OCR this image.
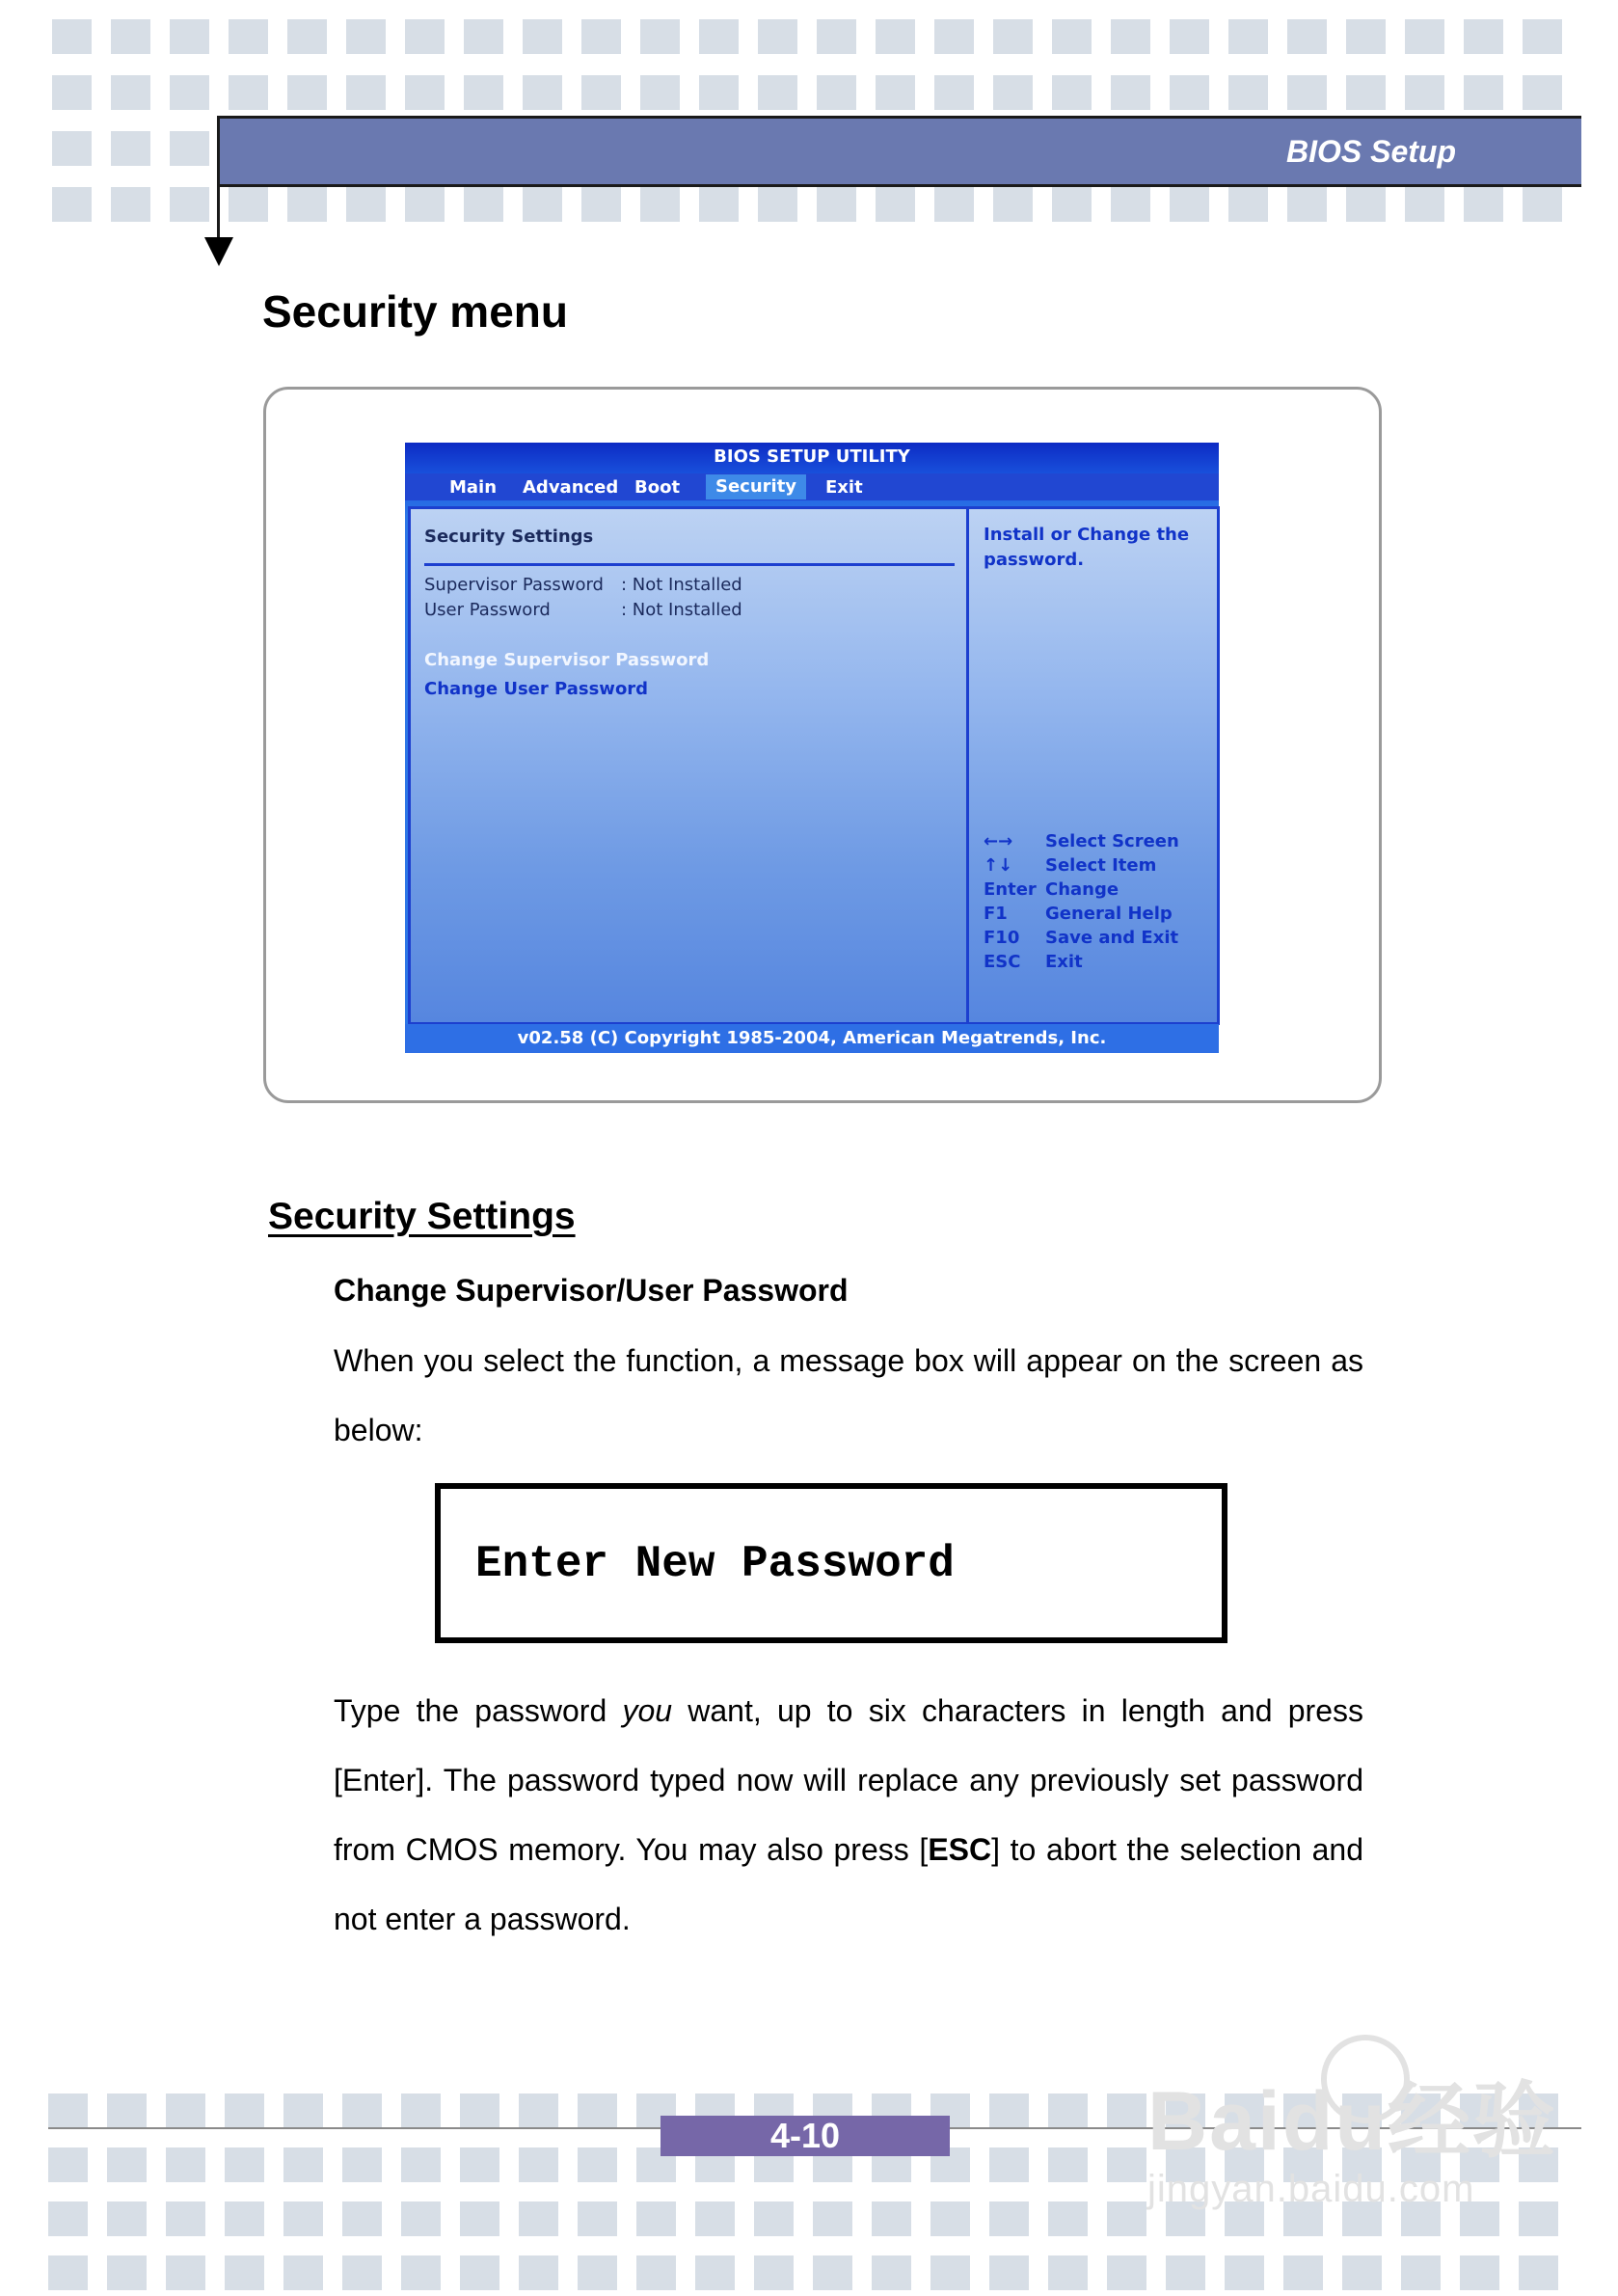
BIOS Setup
Security menu
BIOS SETUP UTILITY
Main Advanced Boot	Security	Exit
Security Settings
Supervisor Password : Not Installed
User Password	: Not Installed
Change Supervisor Password
Change User Password
Install or Change the
password.
←→ Select Screen
↑↓ Select Item
Enter Change
F1 General Help
F10 Save and Exit
ESC Exit
v02.58 (C) Copyright 1985-2004, American Megatrends, Inc.
Security Settings
Change Supervisor/User Password

When you select the function, a message box will appear on the screen as below:

Enter New Password

Type the password you want, up to six characters in length and press [Enter]. The password typed now will replace any previously set password from CMOS memory. You may also press [ESC] to abort the selection and not enter a password.

4-10	Baidu经验
jingyan.baidu.com
